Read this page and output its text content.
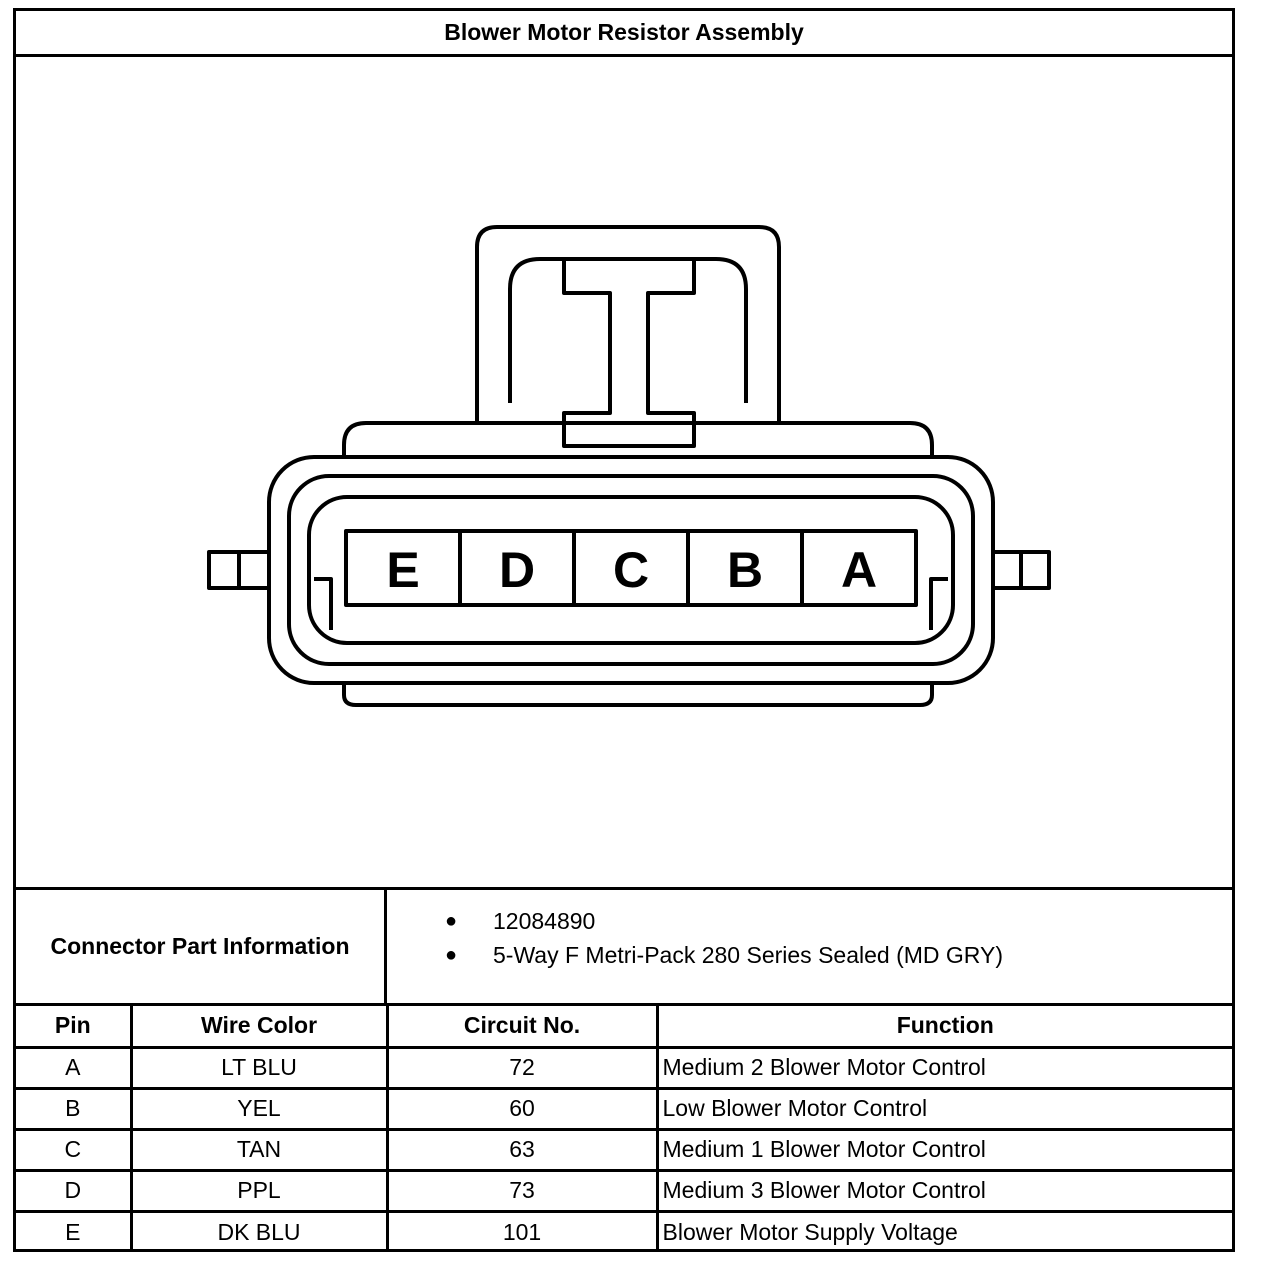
Blower Motor Resistor Assembly
E D C B A
Connector Part Information
● 12084890
● 5-Way F Metri-Pack 280 Series Sealed (MD GRY)
Pin	Wire Color	Circuit No.	Function
A	LT BLU	72	Medium 2 Blower Motor Control
B	YEL	60	Low Blower Motor Control
C	TAN	63	Medium 1 Blower Motor Control
D	PPL	73	Medium 3 Blower Motor Control
E	DK BLU	101	Blower Motor Supply Voltage
